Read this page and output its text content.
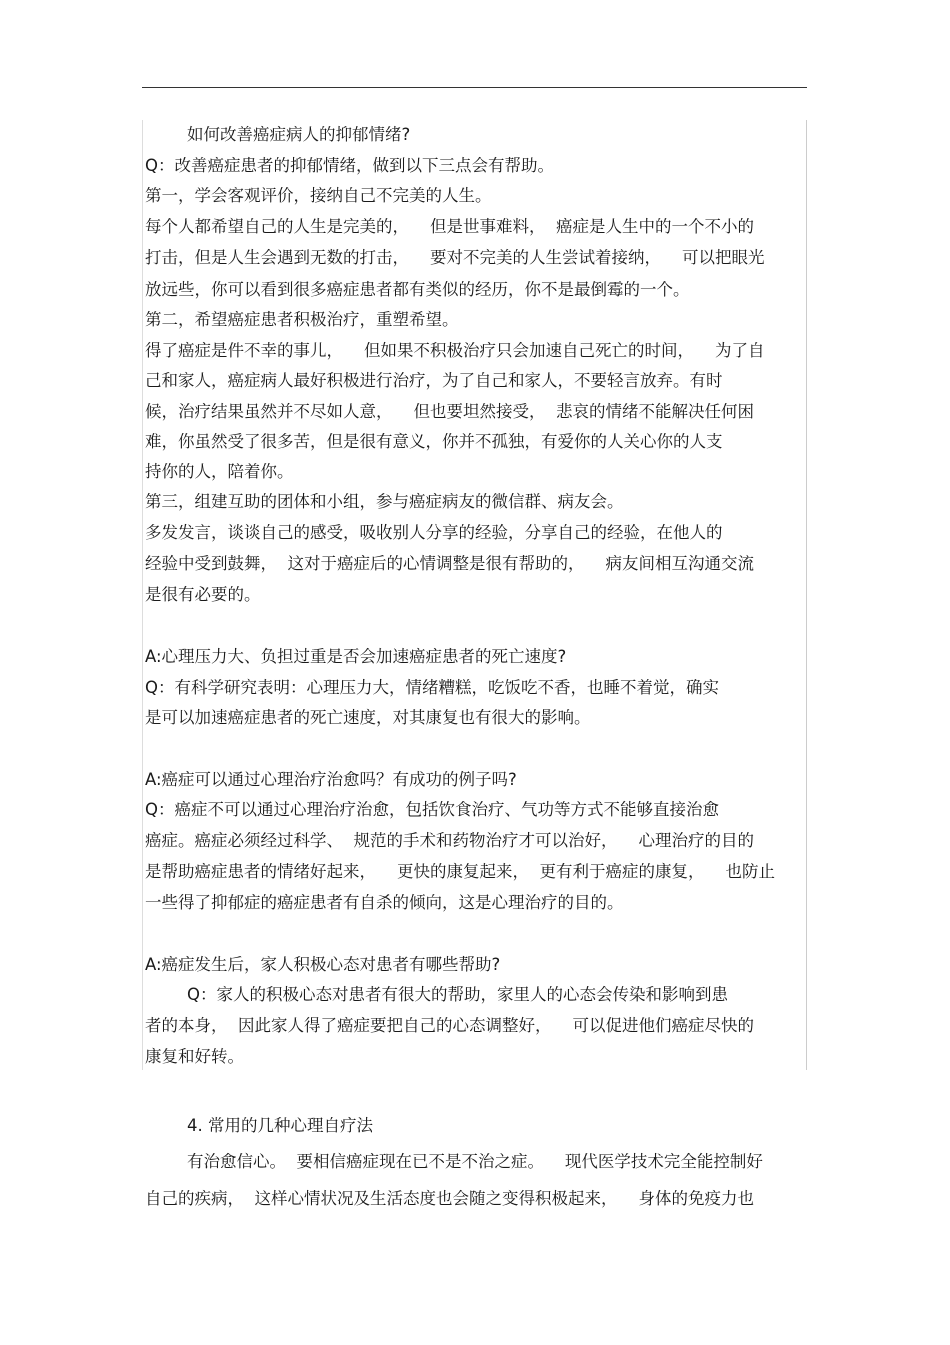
如何改善癌症病人的抑郁情绪?
Q：改善癌症患者的抑郁情绪，做到以下三点会有帮助。
第一，学会客观评价，接纳自己不完美的人生。
每个人都希望自己的人生是完美的，    但是世事难料，  癌症是人生中的一个不小的
打击，但是人生会遇到无数的打击，    要对不完美的人生尝试着接纳，    可以把眼光
放远些，你可以看到很多癌症患者都有类似的经历，你不是最倒霉的一个。
第二，希望癌症患者积极治疗，重塑希望。
得了癌症是件不幸的事儿，    但如果不积极治疗只会加速自己死亡的时间，    为了自
己和家人，癌症病人最好积极进行治疗，为了自己和家人，不要轻言放弃。有时
候，治疗结果虽然并不尽如人意，    但也要坦然接受，  悲哀的情绪不能解决任何困
难，你虽然受了很多苦，但是很有意义，你并不孤独，有爱你的人关心你的人支
持你的人，陪着你。
第三，组建互助的团体和小组，参与癌症病友的微信群、病友会。
多发发言，谈谈自己的感受，吸收别人分享的经验，分享自己的经验，在他人的
经验中受到鼓舞，  这对于癌症后的心情调整是很有帮助的，    病友间相互沟通交流
是很有必要的。
A:心理压力大、负担过重是否会加速癌症患者的死亡速度?
Q：有科学研究表明：心理压力大，情绪糟糕，吃饭吃不香，也睡不着觉，确实
是可以加速癌症患者的死亡速度，对其康复也有很大的影响。
A:癌症可以通过心理治疗治愈吗？有成功的例子吗?
Q：癌症不可以通过心理治疗治愈，包括饮食治疗、气功等方式不能够直接治愈
癌症。癌症必须经过科学、  规范的手术和药物治疗才可以治好，    心理治疗的目的
是帮助癌症患者的情绪好起来，    更快的康复起来，  更有利于癌症的康复，    也防止
一些得了抑郁症的癌症患者有自杀的倾向，这是心理治疗的目的。
A:癌症发生后，家人积极心态对患者有哪些帮助?
Q：家人的积极心态对患者有很大的帮助，家里人的心态会传染和影响到患
者的本身，  因此家人得了癌症要把自己的心态调整好，    可以促进他们癌症尽快的
康复和好转。
4. 常用的几种心理自疗法
有治愈信心。  要相信癌症现在已不是不治之症。    现代医学技术完全能控制好
自己的疾病，  这样心情状况及生活态度也会随之变得积极起来，    身体的免疫力也
